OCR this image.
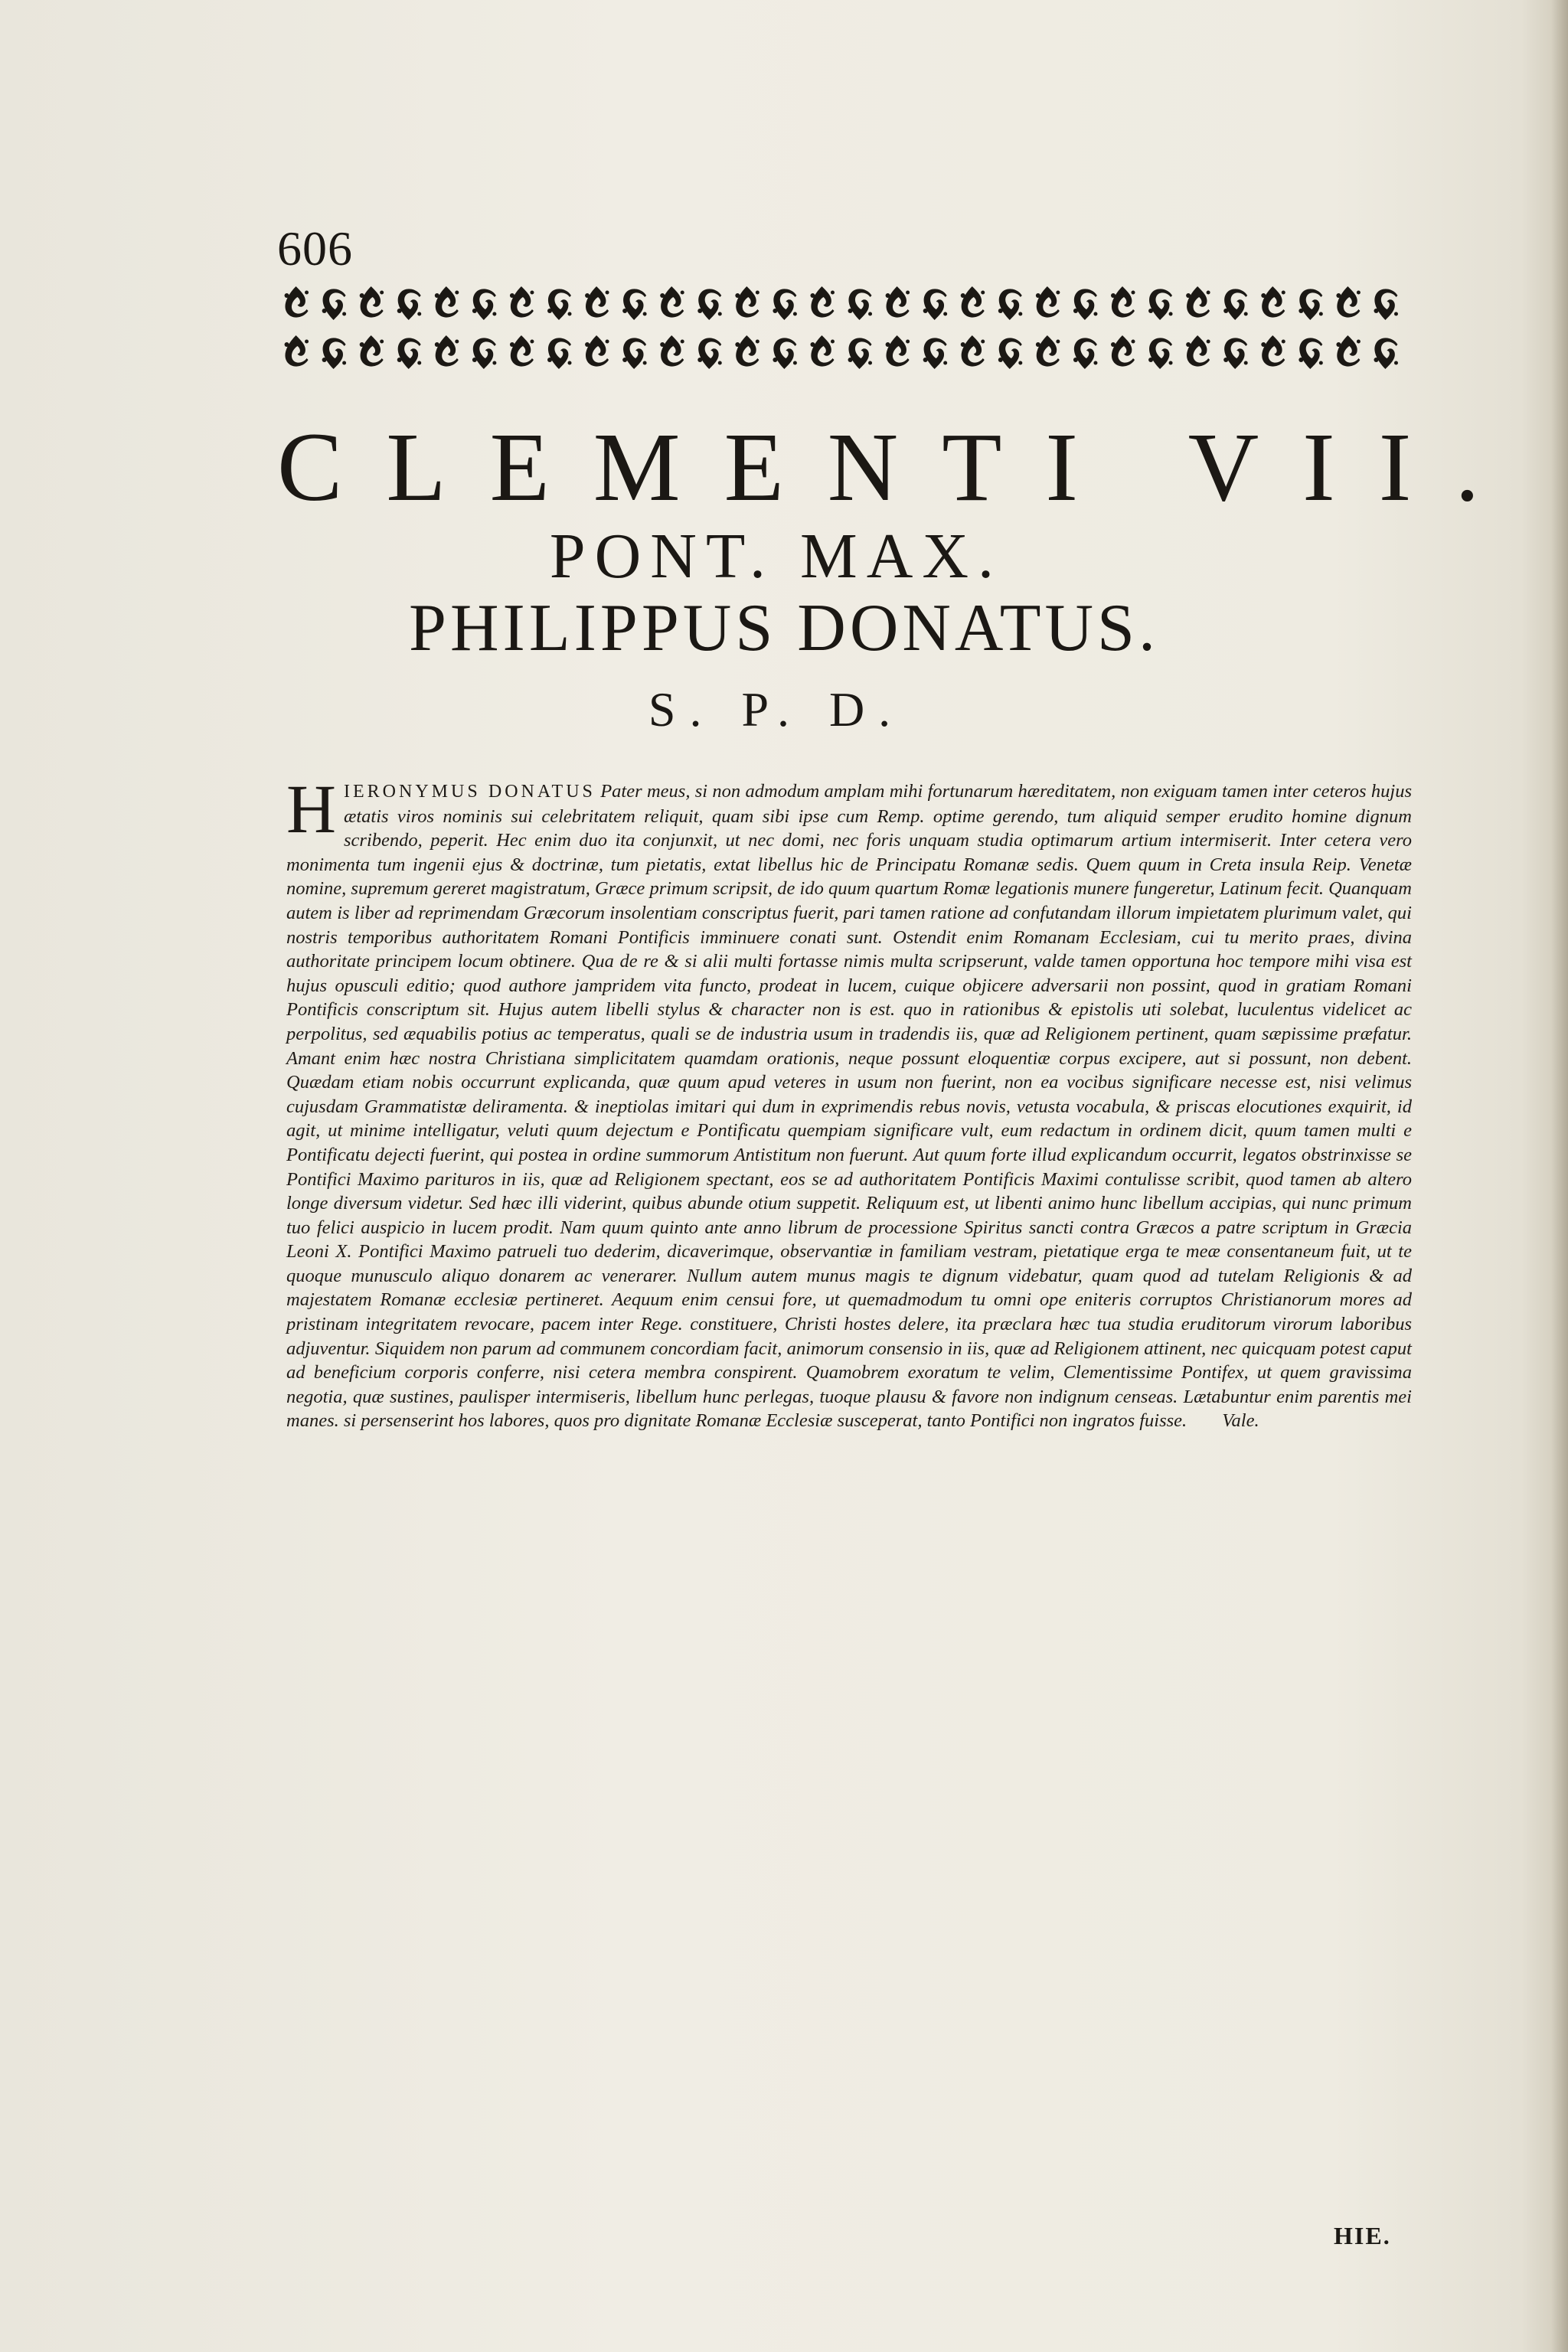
606
CLEMENTI VII.
PONT. MAX.
PHILIPPUS DONATUS.
S. P. D.

HIERONYMUS DONATUS Pater meus, si non admodum amplam mihi fortunarum hæreditatem, non exiguam tamen inter ceteros hujus ætatis viros nominis sui celebritatem reliquit, quam sibi ipse cum Remp. optime gerendo, tum aliquid semper erudito homine dignum scribendo, peperit. Hec enim duo ita conjunxit, ut nec domi, nec foris unquam studia optimarum artium intermiserit. Inter cetera vero monimenta tum ingenii ejus & doctrinæ, tum pietatis, extat libellus hic de Principatu Romanæ sedis. Quem quum in Creta insula Reip. Venetæ nomine, supremum gereret magistratum, Græce primum scripsit, de ido quum quartum Romæ legationis munere fungeretur, Latinum fecit. Quanquam autem is liber ad reprimendam Græcorum insolentiam conscriptus fuerit, pari tamen ratione ad confutandam illorum impietatem plurimum valet, qui nostris temporibus authoritatem Romani Pontificis imminuere conati sunt. Ostendit enim Romanam Ecclesiam, cui tu merito praes, divina authoritate principem locum obtinere. Qua de re & si alii multi fortasse nimis multa scripserunt, valde tamen opportuna hoc tempore mihi visa est hujus opusculi editio; quod authore jampridem vita functo, prodeat in lucem, cuique objicere adversarii non possint, quod in gratiam Romani Pontificis conscriptum sit. Hujus autem libelli stylus & character non is est. quo in rationibus & epistolis uti solebat, luculentus videlicet ac perpolitus, sed æquabilis potius ac temperatus, quali se de industria usum in tradendis iis, quæ ad Religionem pertinent, quam sæpissime præfatur. Amant enim hæc nostra Christiana simplicitatem quamdam orationis, neque possunt eloquentiæ corpus excipere, aut si possunt, non debent. Quædam etiam nobis occurrunt explicanda, quæ quum apud veteres in usum non fuerint, non ea vocibus significare necesse est, nisi velimus cujusdam Grammatistæ deliramenta. & ineptiolas imitari qui dum in exprimendis rebus novis, vetusta vocabula, & priscas elocutiones exquirit, id agit, ut minime intelligatur, veluti quum dejectum e Pontificatu quempiam significare vult, eum redactum in ordinem dicit, quum tamen multi e Pontificatu dejecti fuerint, qui postea in ordine summorum Antistitum non fuerunt. Aut quum forte illud explicandum occurrit, legatos obstrinxisse se Pontifici Maximo parituros in iis, quæ ad Religionem spectant, eos se ad authoritatem Pontificis Maximi contulisse scribit, quod tamen ab altero longe diversum videtur. Sed hæc illi viderint, quibus abunde otium suppetit. Reliquum est, ut libenti animo hunc libellum accipias, qui nunc primum tuo felici auspicio in lucem prodit. Nam quum quinto ante anno librum de processione Spiritus sancti contra Græcos a patre scriptum in Græcia Leoni X. Pontifici Maximo patrueli tuo dederim, dicaverimque, observantiæ in familiam vestram, pietatique erga te meæ consentaneum fuit, ut te quoque munusculo aliquo donarem ac venerarer. Nullum autem munus magis te dignum videbatur, quam quod ad tutelam Religionis & ad majestatem Romanæ ecclesiæ pertineret. Aequum enim censui fore, ut quemadmodum tu omni ope eniteris corruptos Christianorum mores ad pristinam integritatem revocare, pacem inter Rege. constituere, Christi hostes delere, ita præclara hæc tua studia eruditorum virorum laboribus adjuventur. Siquidem non parum ad communem concordiam facit, animorum consensio in iis, quæ ad Religionem attinent, nec quicquam potest caput ad beneficium corporis conferre, nisi cetera membra conspirent. Quamobrem exoratum te velim, Clementissime Pontifex, ut quem gravissima negotia, quæ sustines, paulisper intermiseris, libellum hunc perlegas, tuoque plausu & favore non indignum censeas. Lætabuntur enim parentis mei manes. si persenserint hos labores, quos pro dignitate Romanæ Ecclesiæ susceperat, tanto Pontifici non ingratos fuisse. Vale.

HIE.
